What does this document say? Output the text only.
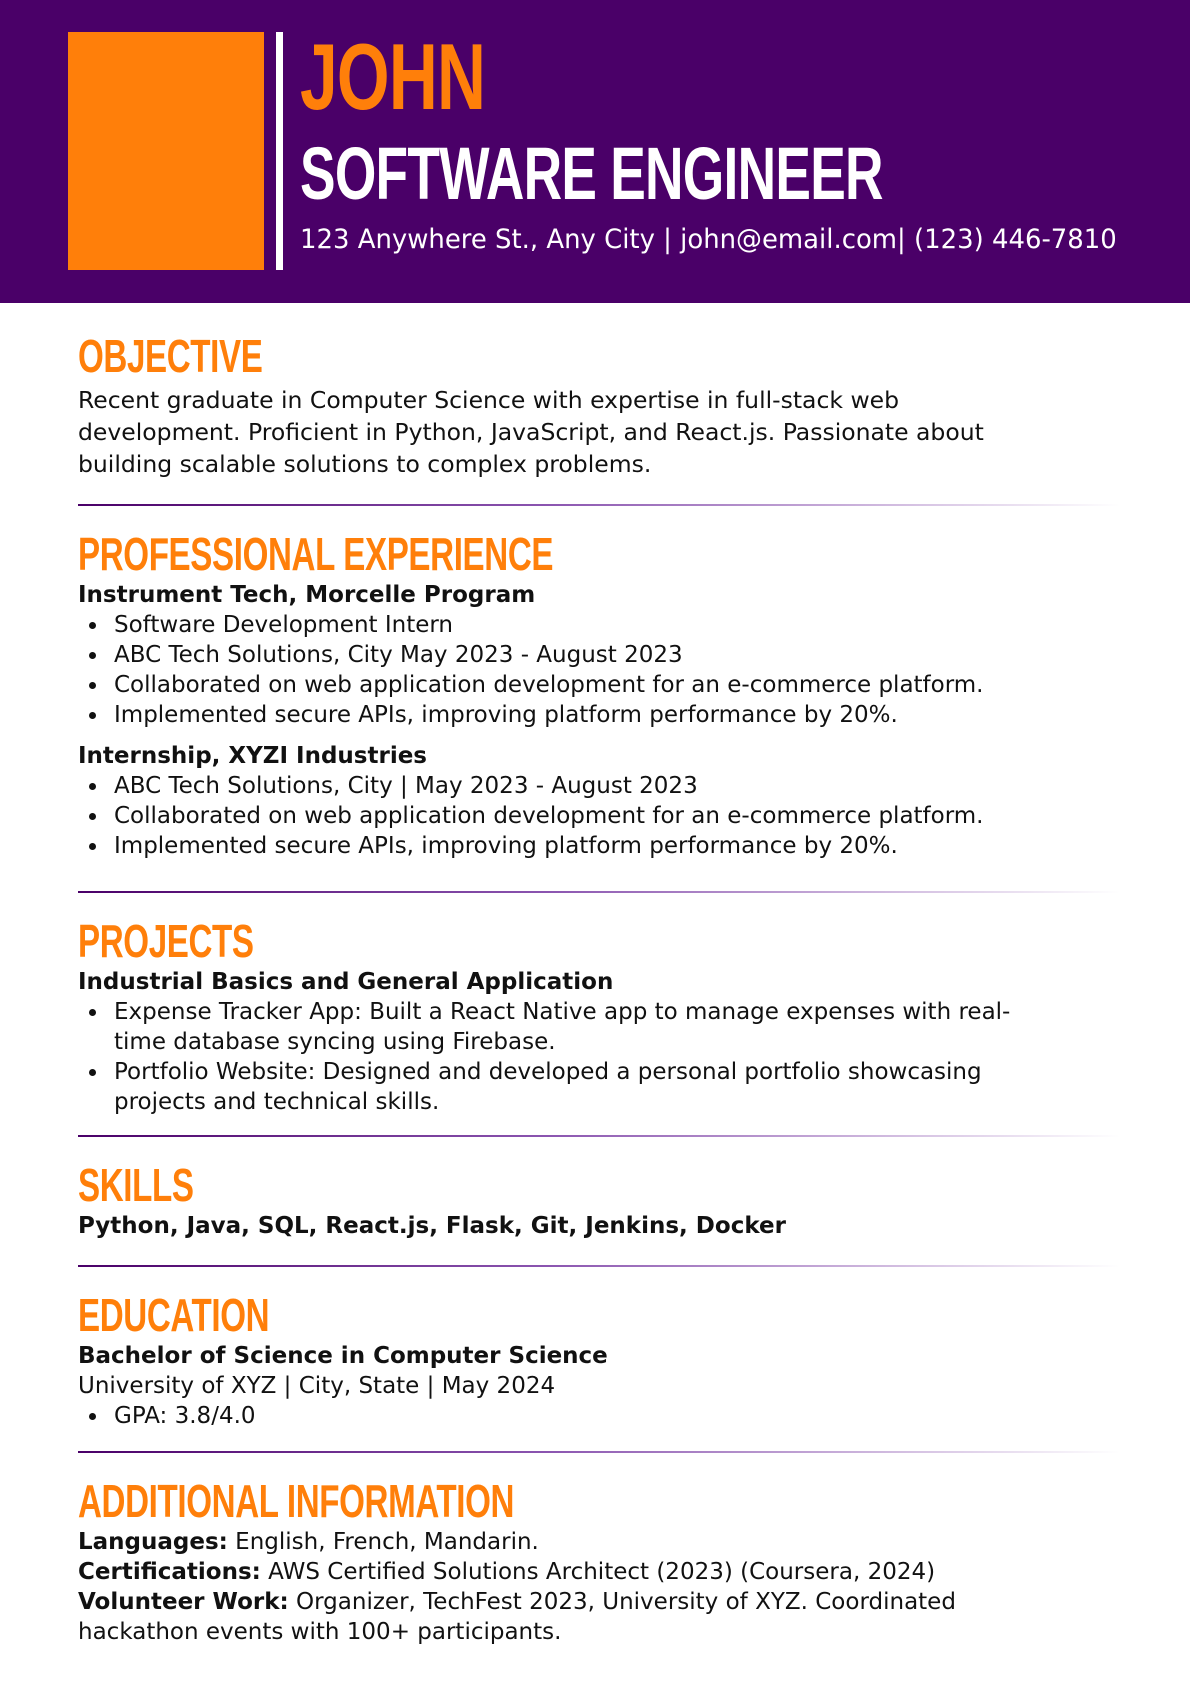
JOHN
SOFTWARE ENGINEER
123 Anywhere St., Any City | john@email.com| (123) 446-7810
OBJECTIVE
Recent graduate in Computer Science with expertise in full-stack web development. Proficient in Python, JavaScript, and React.js. Passionate about building scalable solutions to complex problems.
PROFESSIONAL EXPERIENCE
Instrument Tech, Morcelle Program
Software Development Intern
ABC Tech Solutions, City May 2023 - August 2023
Collaborated on web application development for an e-commerce platform.
Implemented secure APIs, improving platform performance by 20%.
Internship, XYZI Industries
ABC Tech Solutions, City | May 2023 - August 2023
Collaborated on web application development for an e-commerce platform.
Implemented secure APIs, improving platform performance by 20%.
PROJECTS
Industrial Basics and General Application
Expense Tracker App: Built a React Native app to manage expenses with real-time database syncing using Firebase.
Portfolio Website: Designed and developed a personal portfolio showcasing projects and technical skills.
SKILLS
Python, Java, SQL, React.js, Flask, Git, Jenkins, Docker
EDUCATION
Bachelor of Science in Computer Science
University of XYZ | City, State | May 2024
GPA: 3.8/4.0
ADDITIONAL INFORMATION
Languages: English, French, Mandarin.
Certifications: AWS Certified Solutions Architect (2023) (Coursera, 2024)
Volunteer Work: Organizer, TechFest 2023, University of XYZ. Coordinated hackathon events with 100+ participants.
